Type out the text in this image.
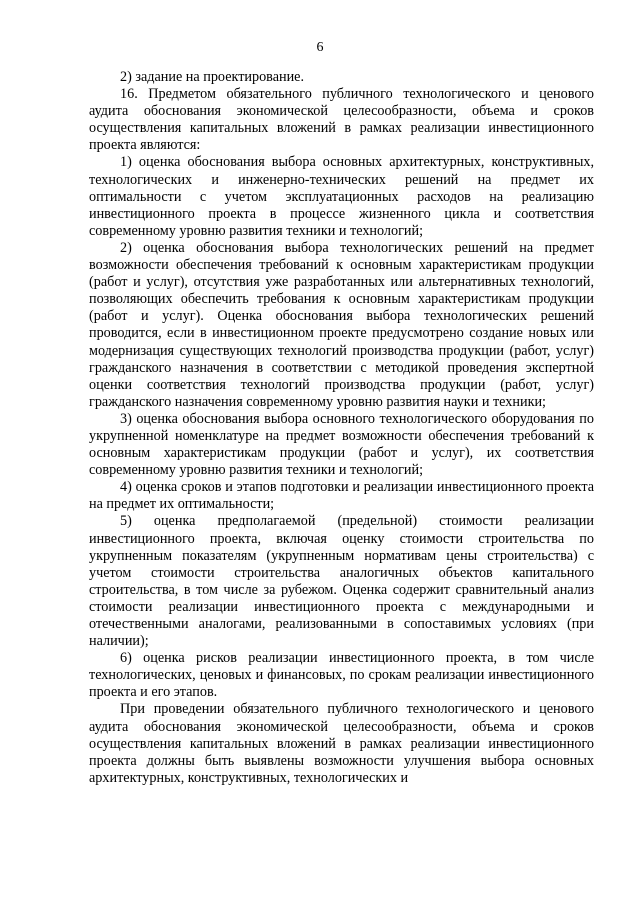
6

2) задание на проектирование.

16. Предметом обязательного публичного технологического и ценового аудита обоснования экономической целесообразности, объема и сроков осуществления капитальных вложений в рамках реализации инвестиционного проекта являются:

1) оценка обоснования выбора основных архитектурных, конструктивных, технологических и инженерно-технических решений на предмет их оптимальности с учетом эксплуатационных расходов на реализацию инвестиционного проекта в процессе жизненного цикла и соответствия современному уровню развития техники и технологий;

2) оценка обоснования выбора технологических решений на предмет возможности обеспечения требований к основным характеристикам продукции (работ и услуг), отсутствия уже разработанных или альтернативных технологий, позволяющих обеспечить требования к основным характеристикам продукции (работ и услуг). Оценка обоснования выбора технологических решений проводится, если в инвестиционном проекте предусмотрено создание новых или модернизация существующих технологий производства продукции (работ, услуг) гражданского назначения в соответствии с методикой проведения экспертной оценки соответствия технологий производства продукции (работ, услуг) гражданского назначения современному уровню развития науки и техники;

3) оценка обоснования выбора основного технологического оборудования по укрупненной номенклатуре на предмет возможности обеспечения требований к основным характеристикам продукции (работ и услуг), их соответствия современному уровню развития техники и технологий;

4) оценка сроков и этапов подготовки и реализации инвестиционного проекта на предмет их оптимальности;

5) оценка предполагаемой (предельной) стоимости реализации инвестиционного проекта, включая оценку стоимости строительства по укрупненным показателям (укрупненным нормативам цены строительства) с учетом стоимости строительства аналогичных объектов капитального строительства, в том числе за рубежом. Оценка содержит сравнительный анализ стоимости реализации инвестиционного проекта с международными и отечественными аналогами, реализованными в сопоставимых условиях (при наличии);

6) оценка рисков реализации инвестиционного проекта, в том числе технологических, ценовых и финансовых, по срокам реализации инвестиционного проекта и его этапов.

При проведении обязательного публичного технологического и ценового аудита обоснования экономической целесообразности, объема и сроков осуществления капитальных вложений в рамках реализации инвестиционного проекта должны быть выявлены возможности улучшения выбора основных архитектурных, конструктивных, технологических и
